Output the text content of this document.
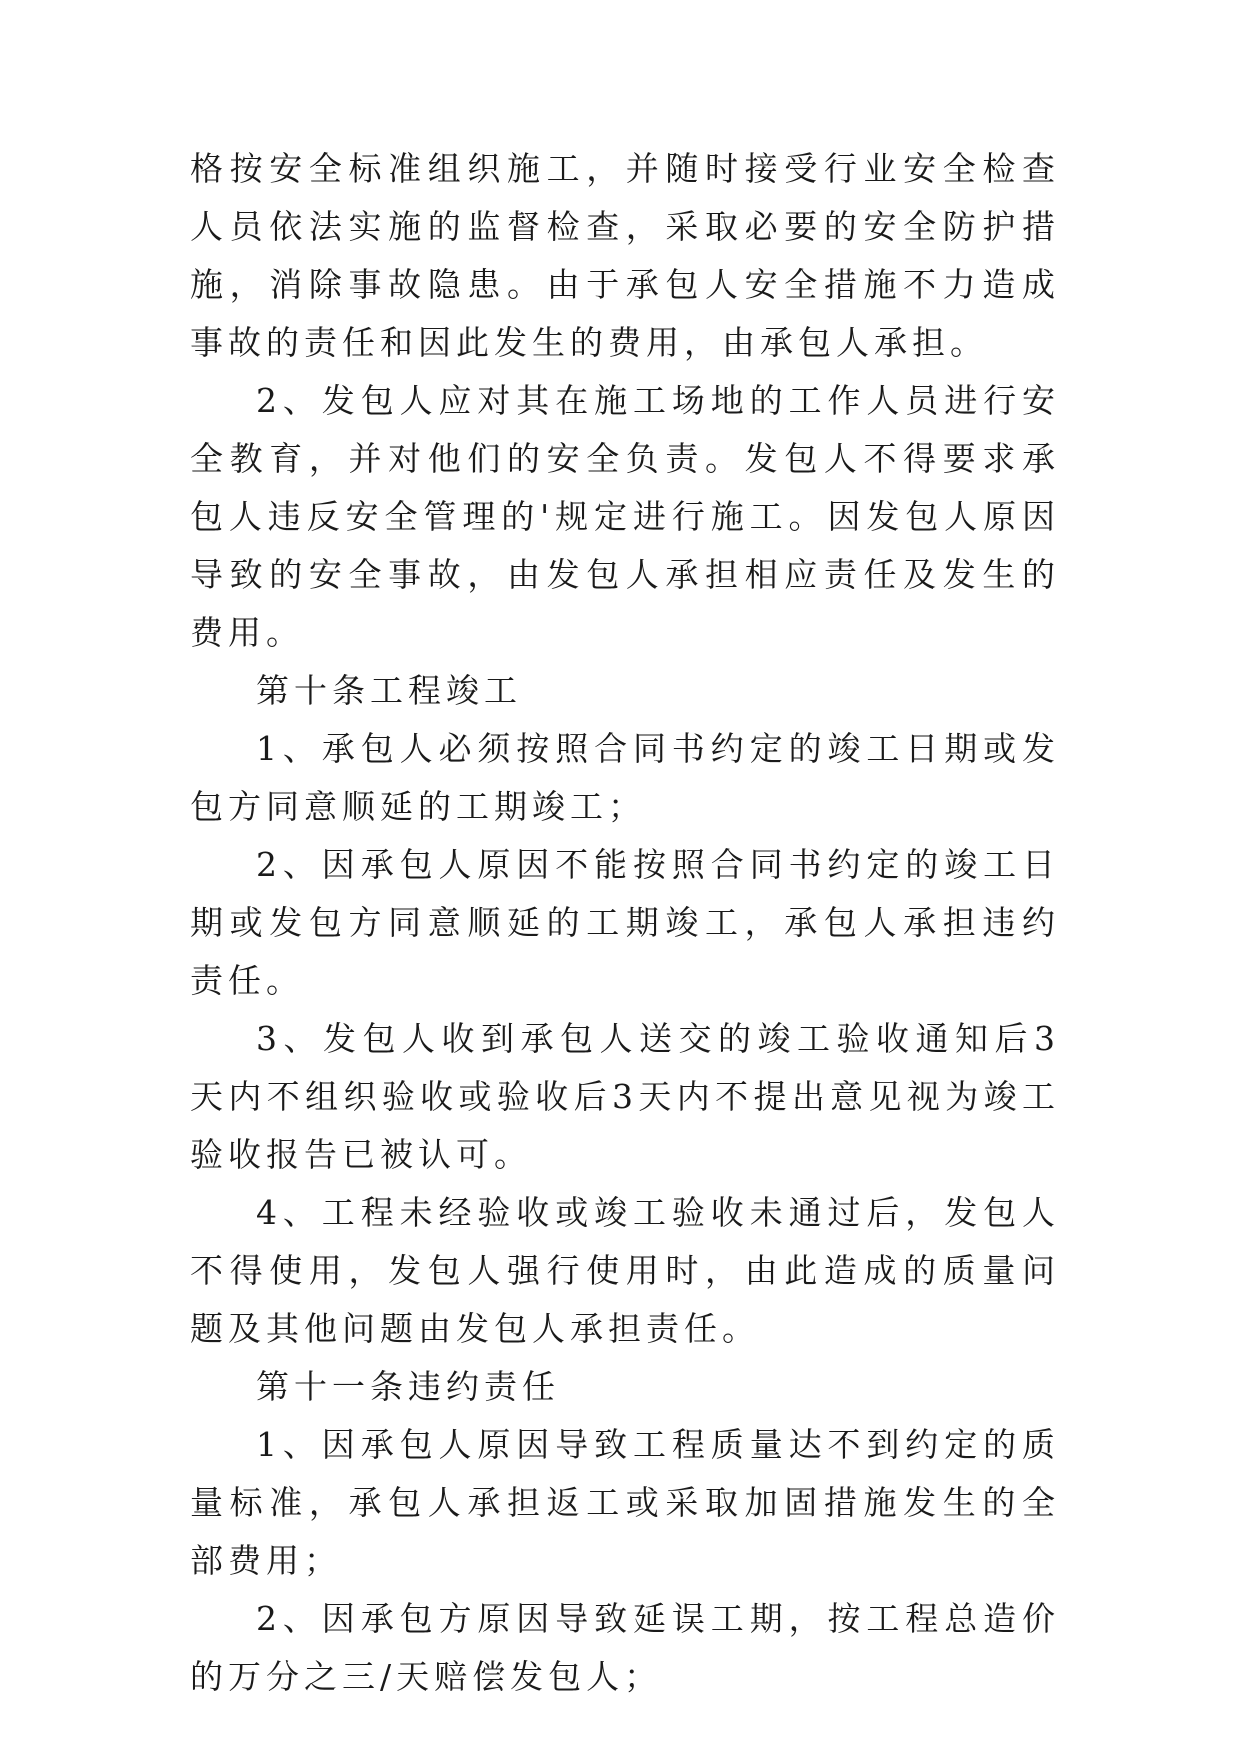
格按安全标准组织施工，并随时接受行业安全检查人员依法实施的监督检查，采取必要的安全防护措施，消除事故隐患。由于承包人安全措施不力造成事故的责任和因此发生的费用，由承包人承担。

2、发包人应对其在施工场地的工作人员进行安全教育，并对他们的安全负责。发包人不得要求承包人违反安全管理的'规定进行施工。因发包人原因导致的安全事故，由发包人承担相应责任及发生的费用。

第十条工程竣工

1、承包人必须按照合同书约定的竣工日期或发包方同意顺延的工期竣工；

2、因承包人原因不能按照合同书约定的竣工日期或发包方同意顺延的工期竣工，承包人承担违约责任。

3、发包人收到承包人送交的竣工验收通知后3天内不组织验收或验收后3天内不提出意见视为竣工验收报告已被认可。

4、工程未经验收或竣工验收未通过后，发包人不得使用，发包人强行使用时，由此造成的质量问题及其他问题由发包人承担责任。

第十一条违约责任

1、因承包人原因导致工程质量达不到约定的质量标准，承包人承担返工或采取加固措施发生的全部费用；

2、因承包方原因导致延误工期，按工程总造价的万分之三/天赔偿发包人；
